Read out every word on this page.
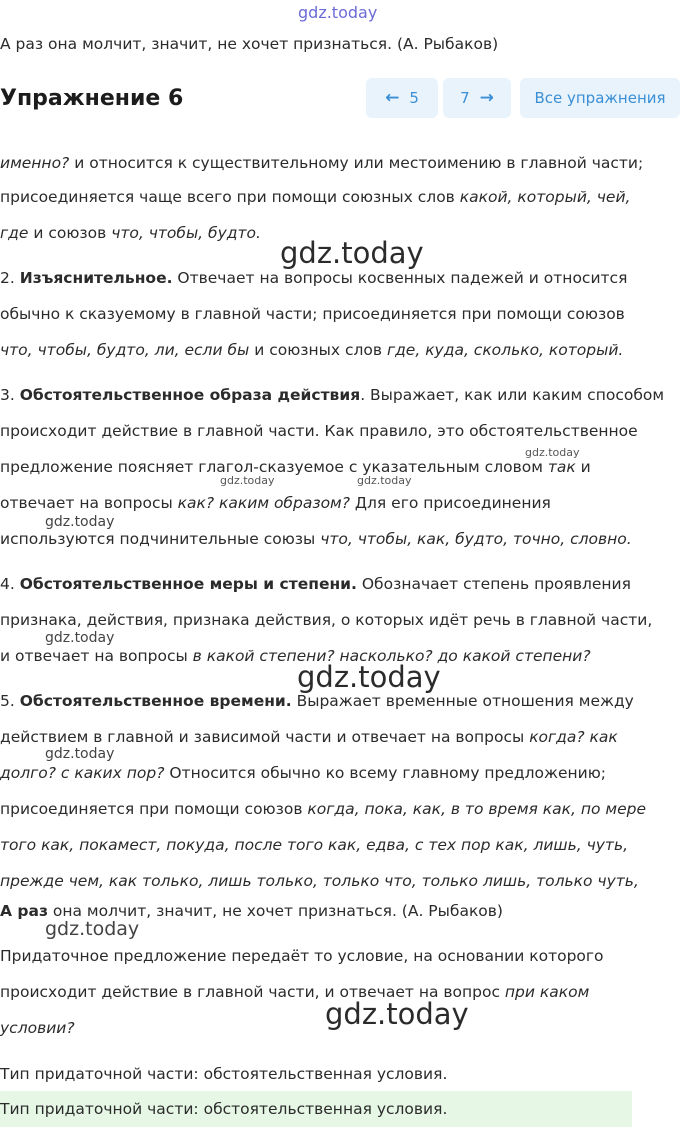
gdz.today
А раз она молчит, значит, не хочет признаться. (А. Рыбаков)
Упражнение 6	← 5	7 →	Все упражнения
именно? и относится к существительному или местоимению в главной части;
присоединяется чаще всего при помощи союзных слов какой, который, чей,
где и союзов что, чтобы, будто.
gdz.today
2. Изъяснительное. Отвечает на вопросы косвенных падежей и относится
обычно к сказуемому в главной части; присоединяется при помощи союзов
что, чтобы, будто, ли, если бы и союзных слов где, куда, сколько, который.
3. Обстоятельственное образа действия. Выражает, как или каким способом
происходит действие в главной части. Как правило, это обстоятельственное
gdz.today
предложение поясняет глагол-сказуемое с указательным словом так и
gdz.today	gdz.today
отвечает на вопросы как? каким образом? Для его присоединения
gdz.today
используются подчинительные союзы что, чтобы, как, будто, точно, словно.
4. Обстоятельственное меры и степени. Обозначает степень проявления
признака, действия, признака действия, о которых идёт речь в главной части,
gdz.today
и отвечает на вопросы в какой степени? насколько? до какой степени?
gdz.today
5. Обстоятельственное времени. Выражает временные отношения между
действием в главной и зависимой части и отвечает на вопросы когда? как
gdz.today
долго? с каких пор? Относится обычно ко всему главному предложению;
присоединяется при помощи союзов когда, пока, как, в то время как, по мере
того как, покамест, покуда, после того как, едва, с тех пор как, лишь, чуть,
прежде чем, как только, лишь только, только что, только лишь, только чуть,
А раз она молчит, значит, не хочет признаться. (А. Рыбаков)
gdz.today
Придаточное предложение передаёт то условие, на основании которого
происходит действие в главной части, и отвечает на вопрос при каком
gdz.today
условии?
Тип придаточной части: обстоятельственная условия.
Тип придаточной части: обстоятельственная условия.
